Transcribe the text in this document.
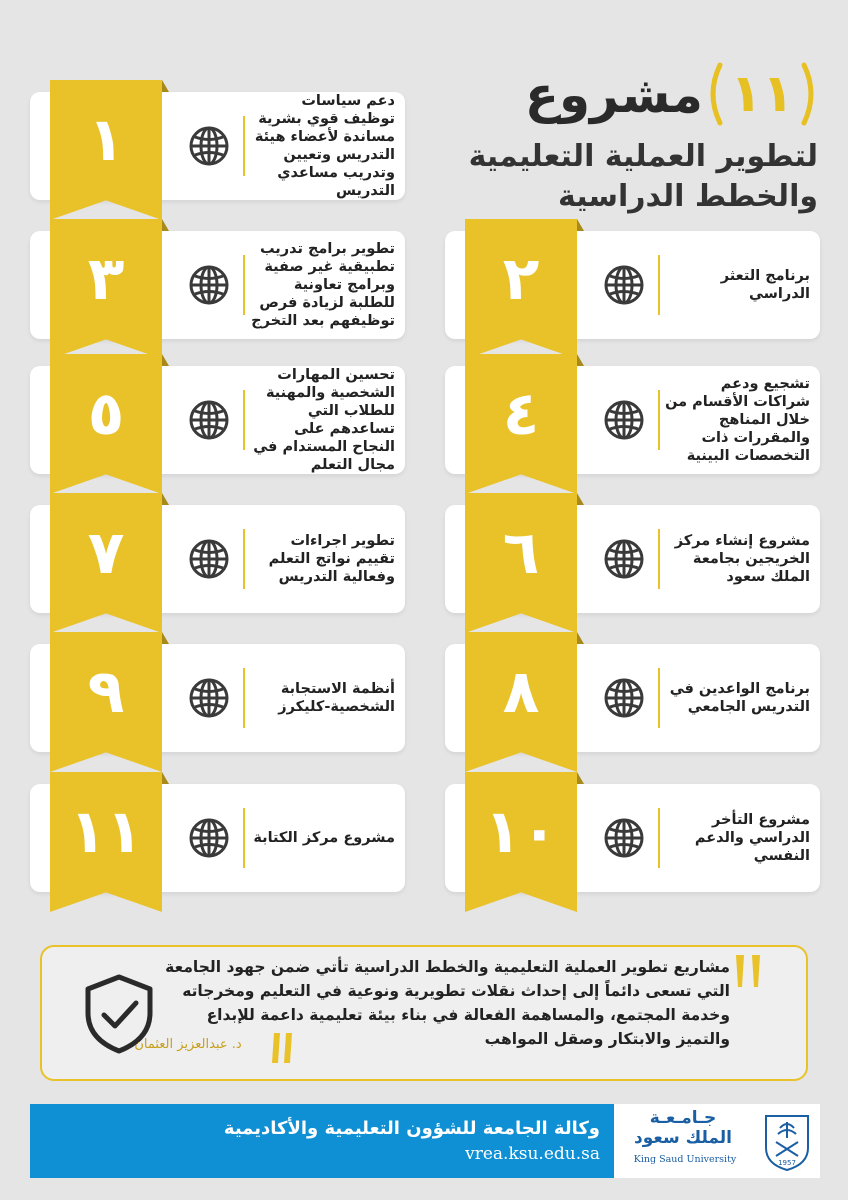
١١
مشروع
لتطوير العملية التعليمية
والخطط الدراسية
١
دعم سياسات توظيف قوي بشرية مساندة لأعضاء هيئة التدريس وتعيين وتدريب مساعدي التدريس
٣	تطوير برامج تدريب تطبيقية غير صفية وبرامج تعاونية للطلبة لزيادة فرص توظيفهم بعد التخرج
٢	برنامج التعثر الدراسي
٥
تحسين المهارات الشخصية والمهنية للطلاب التي تساعدهم على النجاح المستدام في مجال التعلم
٤	تشجيع ودعم شراكات الأقسام من خلال المناهج والمقررات ذات التخصصات البينية
٧	تطوير اجراءات تقييم نواتج التعلم وفعالية التدريس	٦	مشروع إنشاء مركز الخريجين بجامعة الملك سعود
٩	أنظمة الاستجابة الشخصية-كليكرز	٨	برنامج الواعدين في التدريس الجامعي
١١	مشروع مركز الكتابة	١٠	مشروع التأخر الدراسي والدعم النفسي
مشاريع تطوير العملية التعليمية والخطط الدراسية تأتي ضمن جهود الجامعة التي تسعى دائماً إلى إحداث نقلات تطويرية ونوعية في التعليم ومخرجاته وخدمة المجتمع، والمساهمة الفعالة في بناء بيئة تعليمية داعمة للإبداع والتميز والابتكار وصقل المواهب
د. عبدالعزيز العثمان
وكالة الجامعة للشؤون التعليمية والأكاديمية
vrea.ksu.edu.sa
جـامـعـة
الملك سعود
King Saud University	1957
